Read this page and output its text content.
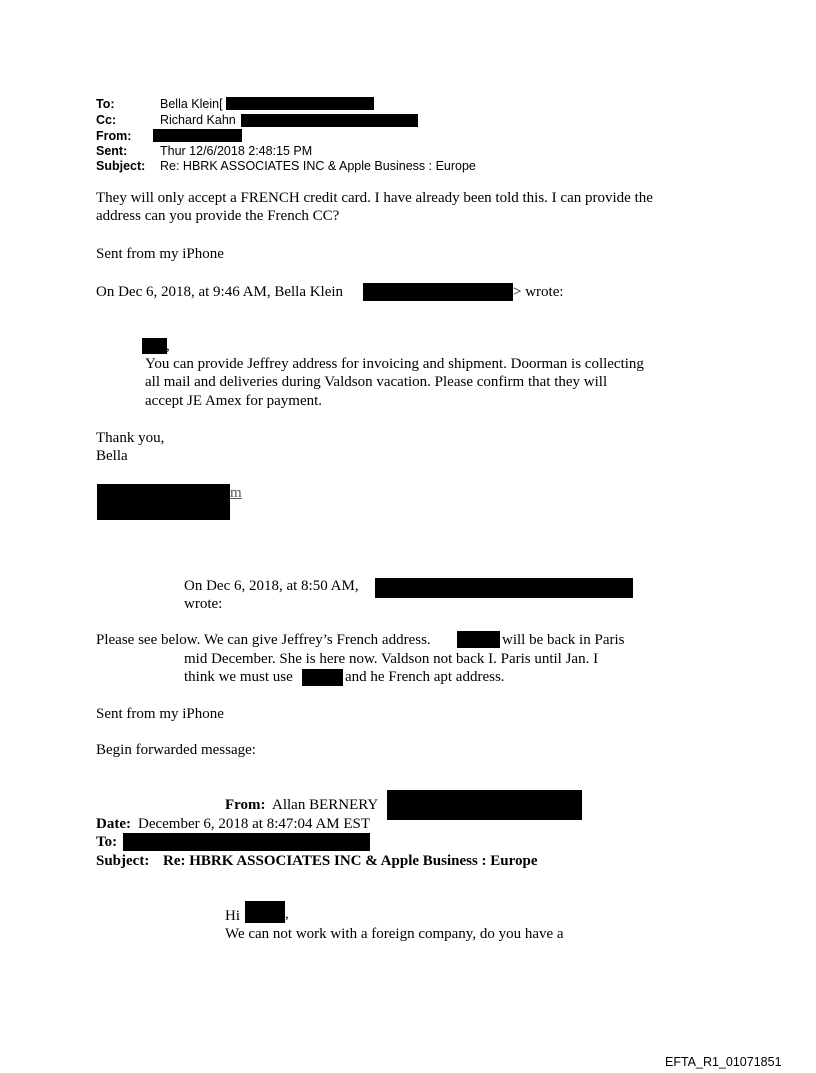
To:	Bella Klein[
Cc:	Richard Kahn
From:
Sent:	Thur 12/6/2018 2:48:15 PM
Subject: Re: HBRK ASSOCIATES INC & Apple Business : Europe
They will only accept a FRENCH credit card. I have already been told this. I can provide the
address can you provide the French CC?
Sent from my iPhone
On Dec 6, 2018, at 9:46 AM, Bella Klein	> wrote:
,
You can provide Jeffrey address for invoicing and shipment. Doorman is collecting
all mail and deliveries during Valdson vacation. Please confirm that they will
accept JE Amex for payment.
Thank you,
Bella
m
On Dec 6, 2018, at 8:50 AM,
wrote:
Please see below. We can give Jeffrey’s French address.	will be back in Paris
mid December. She is here now. Valdson not back I. Paris until Jan. I
think we must use	and he French apt address.
Sent from my iPhone
Begin forwarded message:
From: Allan BERNERY
Date: December 6, 2018 at 8:47:04 AM EST
To:
Subject: Re: HBRK ASSOCIATES INC & Apple Business : Europe
Hi	,
We can not work with a foreign company, do you have a
EFTA_R1_01071851
